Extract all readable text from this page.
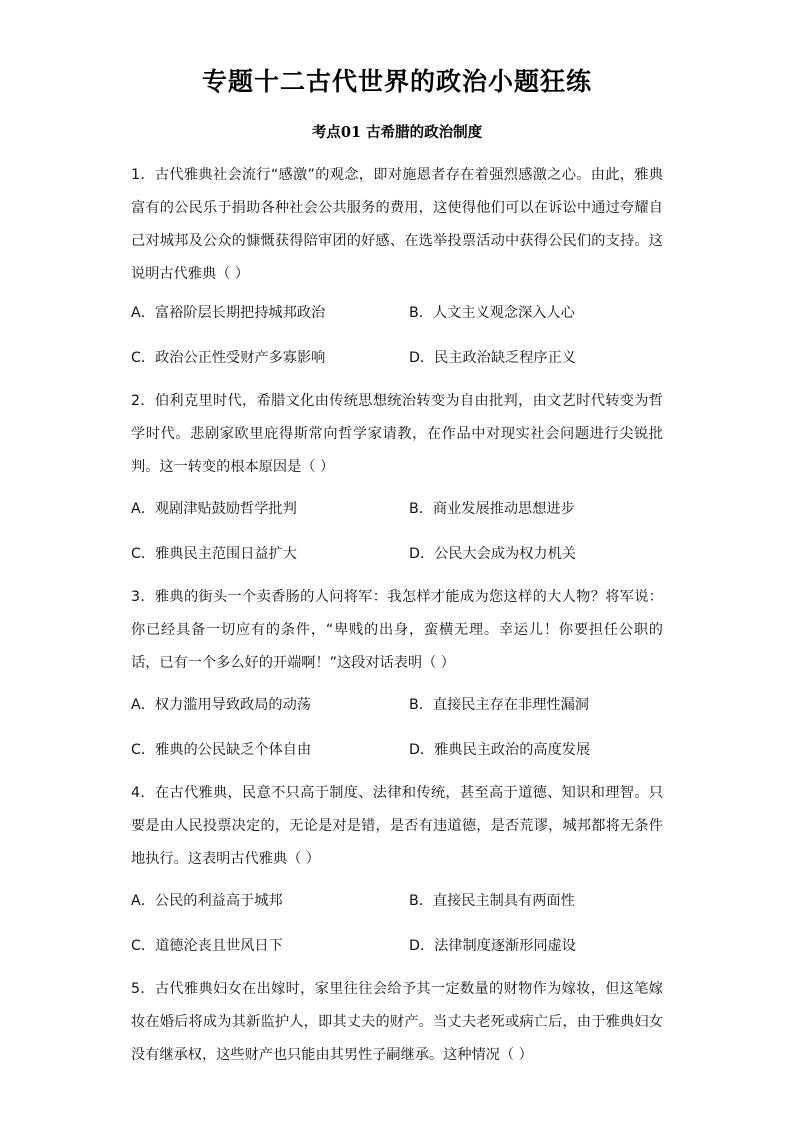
专题十二古代世界的政治小题狂练
考点01 古希腊的政治制度
1．古代雅典社会流行“感激”的观念，即对施恩者存在着强烈感激之心。由此，雅典富有的公民乐于捐助各种社会公共服务的费用，这使得他们可以在诉讼中通过夸耀自己对城邦及公众的慷慨获得陪审团的好感、在选举投票活动中获得公民们的支持。这说明古代雅典（ ）
A．富裕阶层长期把持城邦政治	B．人文主义观念深入人心
C．政治公正性受财产多寡影响	D．民主政治缺乏程序正义
2．伯利克里时代，希腊文化由传统思想统治转变为自由批判，由文艺时代转变为哲学时代。悲剧家欧里庇得斯常向哲学家请教，在作品中对现实社会问题进行尖锐批判。这一转变的根本原因是（ ）
A．观剧津贴鼓励哲学批判	B．商业发展推动思想进步
C．雅典民主范围日益扩大	D．公民大会成为权力机关
3．雅典的街头一个卖香肠的人问将军：我怎样才能成为您这样的大人物？将军说：你已经具备一切应有的条件，“卑贱的出身，蛮横无理。幸运儿！你要担任公职的话，已有一个多么好的开端啊！”这段对话表明（ ）
A．权力滥用导致政局的动荡	B．直接民主存在非理性漏洞
C．雅典的公民缺乏个体自由	D．雅典民主政治的高度发展
4．在古代雅典，民意不只高于制度、法律和传统，甚至高于道德、知识和理智。只要是由人民投票决定的，无论是对是错，是否有违道德，是否荒谬，城邦都将无条件地执行。这表明古代雅典（ ）
A．公民的利益高于城邦	B．直接民主制具有两面性
C．道德沦丧且世风日下	D．法律制度逐渐形同虚设
5．古代雅典妇女在出嫁时，家里往往会给予其一定数量的财物作为嫁妆，但这笔嫁妆在婚后将成为其新监护人，即其丈夫的财产。当丈夫老死或病亡后，由于雅典妇女没有继承权，这些财产也只能由其男性子嗣继承。这种情况（ ）
